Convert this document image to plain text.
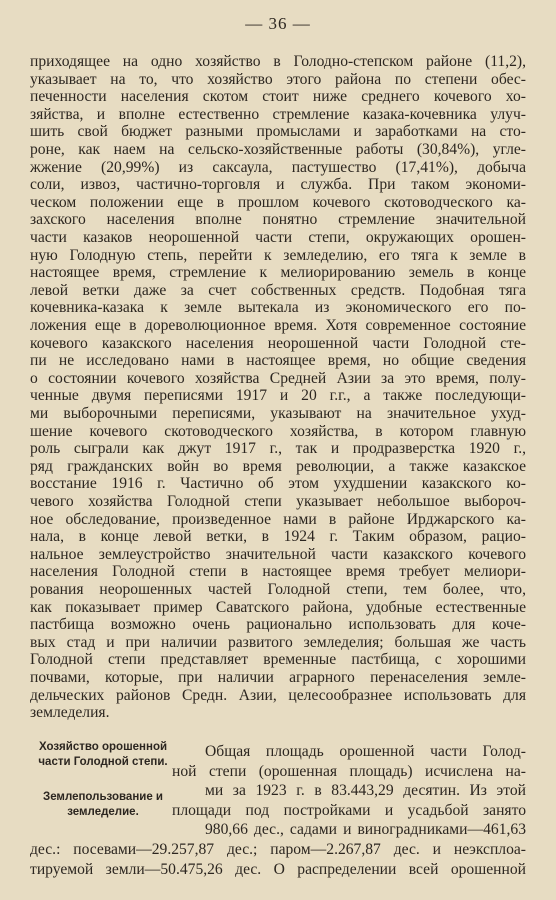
— 36 —
приходящее на одно хозяйство в Голодно-степском районе (11,2),
указывает на то, что хозяйство этого района по степени обес-
печенности населения скотом стоит ниже среднего кочевого хо-
зяйства, и вполне естественно стремление казака-кочевника улуч-
шить свой бюджет разными промыслами и заработками на сто-
роне, как наем на сельско-хозяйственные работы (30,84%), угле-
жжение (20,99%) из саксаула, пастушество (17,41%), добыча
соли, извоз, частично-торговля и служба. При таком экономи-
ческом положении еще в прошлом кочевого скотоводческого ка-
захского населения вполне понятно стремление значительной
части казаков неорошенной части степи, окружающих орошен-
ную Голодную степь, перейти к земледелию, его тяга к земле в
настоящее время, стремление к мелиорированию земель в конце
левой ветки даже за счет собственных средств. Подобная тяга
кочевника-казака к земле вытекала из экономического его по-
ложения еще в дореволюционное время. Хотя современное состояние
кочевого казакского населения неорошенной части Голодной сте-
пи не исследовано нами в настоящее время, но общие сведения
о состоянии кочевого хозяйства Средней Азии за это время, полу-
ченные двумя переписями 1917 и 20 г.г., а также последующи-
ми выборочными переписями, указывают на значительное ухуд-
шение кочевого скотоводческого хозяйства, в котором главную
роль сыграли как джут 1917 г., так и продразверстка 1920 г.,
ряд гражданских войн во время революции, а также казакское
восстание 1916 г. Частично об этом ухудшении казакского ко-
чевого хозяйства Голодной степи указывает небольшое выбороч-
ное обследование, произведенное нами в районе Ирджарского ка-
нала, в конце левой ветки, в 1924 г. Таким образом, рацио-
нальное землеустройство значительной части казакского кочевого
населения Голодной степи в настоящее время требует мелиори-
рования неорошенных частей Голодной степи, тем более, что,
как показывает пример Саватского района, удобные естественные
пастбища возможно очень рационально использовать для коче-
вых стад и при наличии развитого земледелия; большая же часть
Голодной степи представляет временные пастбища, с хорошими
почвами, которые, при наличии аграрного перенаселения земле-
дельческих районов Средн. Азии, целесообразнее использовать для
земледелия.
Хозяйство орошенной части Голодной степи.
Землепользование и земледелие.
Общая площадь орошенной части Голод-
ной степи (орошенная площадь) исчислена на-
ми за 1923 г. в 83.443,29 десятин. Из этой
площади под постройками и усадьбой занято
980,66 дес., садами и виноградниками—461,63
дес.: посевами—29.257,87 дес.; паром—2.267,87 дес. и неэксплоа-
тируемой земли—50.475,26 дес. О распределении всей орошенной
